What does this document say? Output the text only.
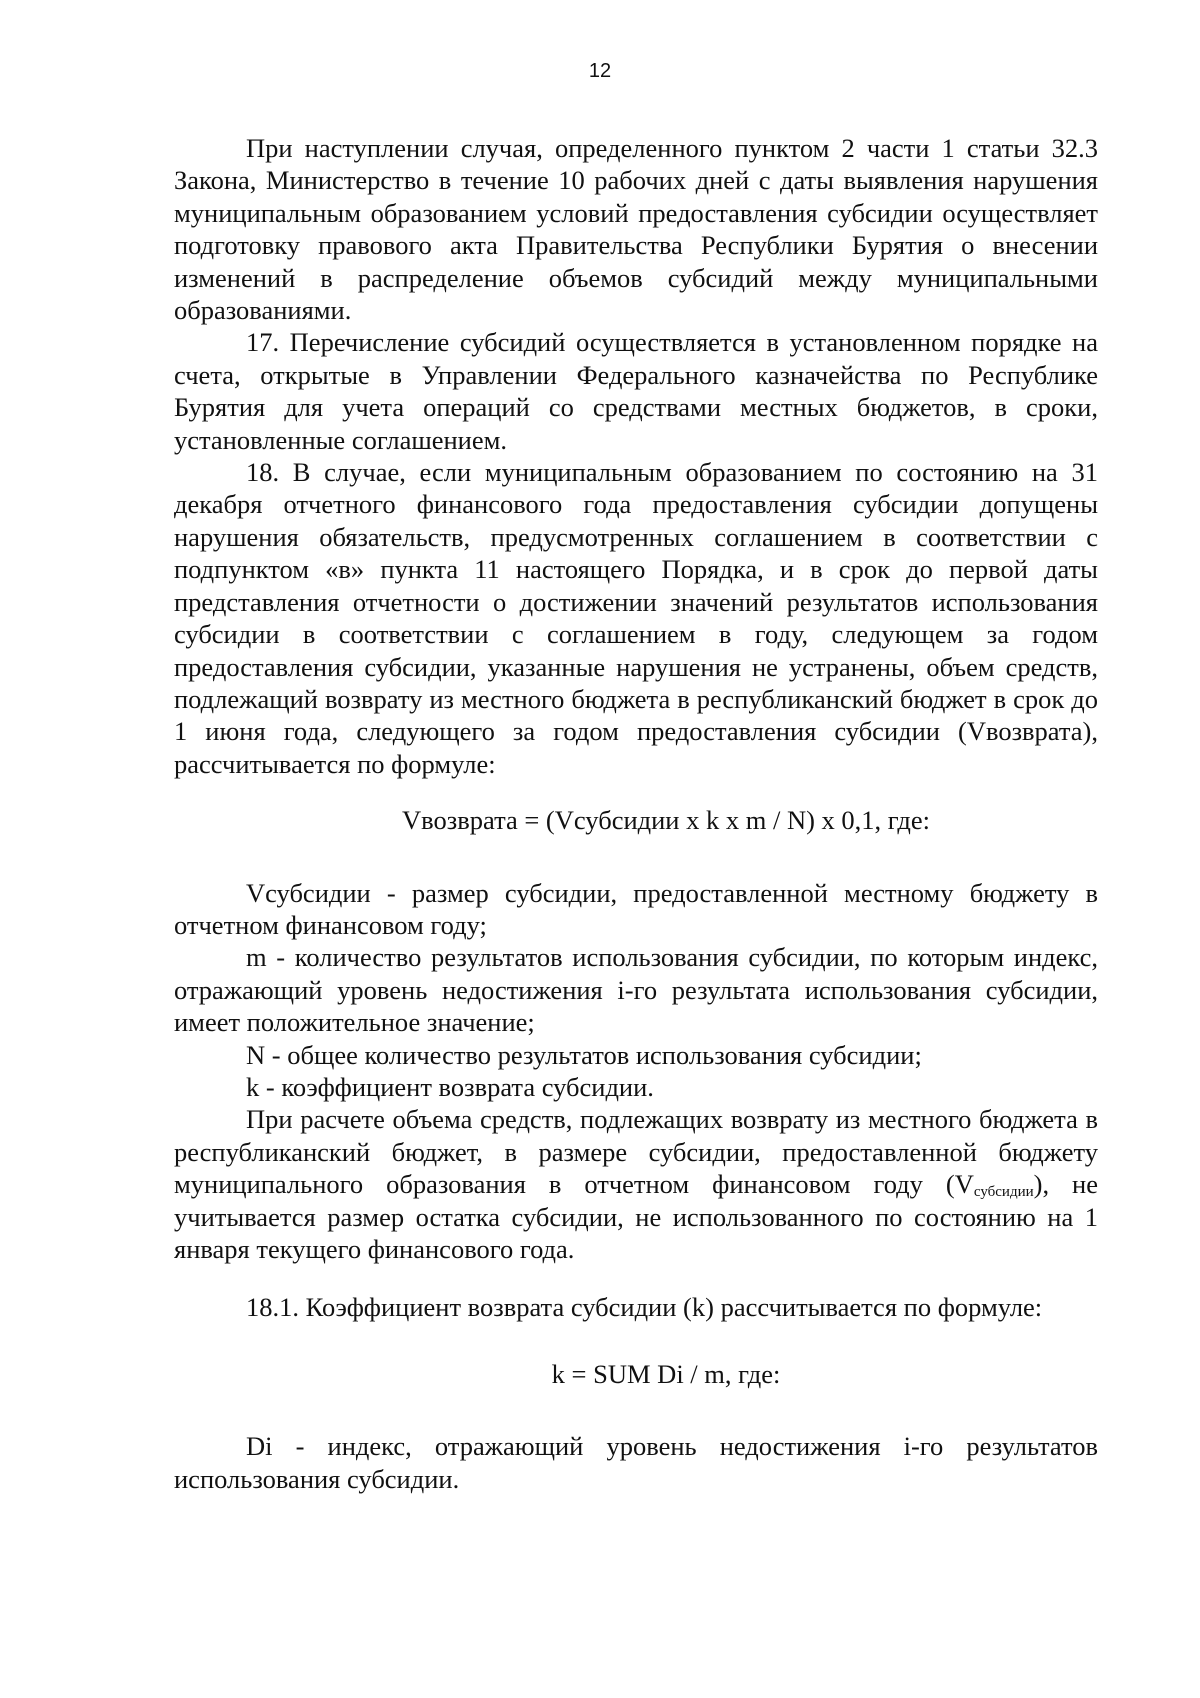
12

При наступлении случая, определенного пунктом 2 части 1 статьи 32.3 Закона, Министерство в течение 10 рабочих дней с даты выявления нарушения муниципальным образованием условий предоставления субсидии осуществляет подготовку правового акта Правительства Республики Бурятия о внесении изменений в распределение объемов субсидий между муниципальными образованиями.

17. Перечисление субсидий осуществляется в установленном порядке на счета, открытые в Управлении Федерального казначейства по Республике Бурятия для учета операций со средствами местных бюджетов, в сроки, установленные соглашением.

18. В случае, если муниципальным образованием по состоянию на 31 декабря отчетного финансового года предоставления субсидии допущены нарушения обязательств, предусмотренных соглашением в соответствии с подпунктом «в» пункта 11 настоящего Порядка, и в срок до первой даты представления отчетности о достижении значений результатов использования субсидии в соответствии с соглашением в году, следующем за годом предоставления субсидии, указанные нарушения не устранены, объем средств, подлежащий возврату из местного бюджета в республиканский бюджет в срок до 1 июня года, следующего за годом предоставления субсидии (Vвозврата), рассчитывается по формуле:

Vвозврата = (Vсубсидии x k x m / N) x 0,1, где:

Vсубсидии - размер субсидии, предоставленной местному бюджету в отчетном финансовом году;

m - количество результатов использования субсидии, по которым индекс, отражающий уровень недостижения i-го результата использования субсидии, имеет положительное значение;

N - общее количество результатов использования субсидии;

k - коэффициент возврата субсидии.

При расчете объема средств, подлежащих возврату из местного бюджета в республиканский бюджет, в размере субсидии, предоставленной бюджету муниципального образования в отчетном финансовом году $(V_{субсидии})$, не учитывается размер остатка субсидии, не использованного по состоянию на 1 января текущего финансового года.

18.1. Коэффициент возврата субсидии (k) рассчитывается по формуле:

k = SUM Di / m, где:

Di - индекс, отражающий уровень недостижения i-го результатов использования субсидии.
